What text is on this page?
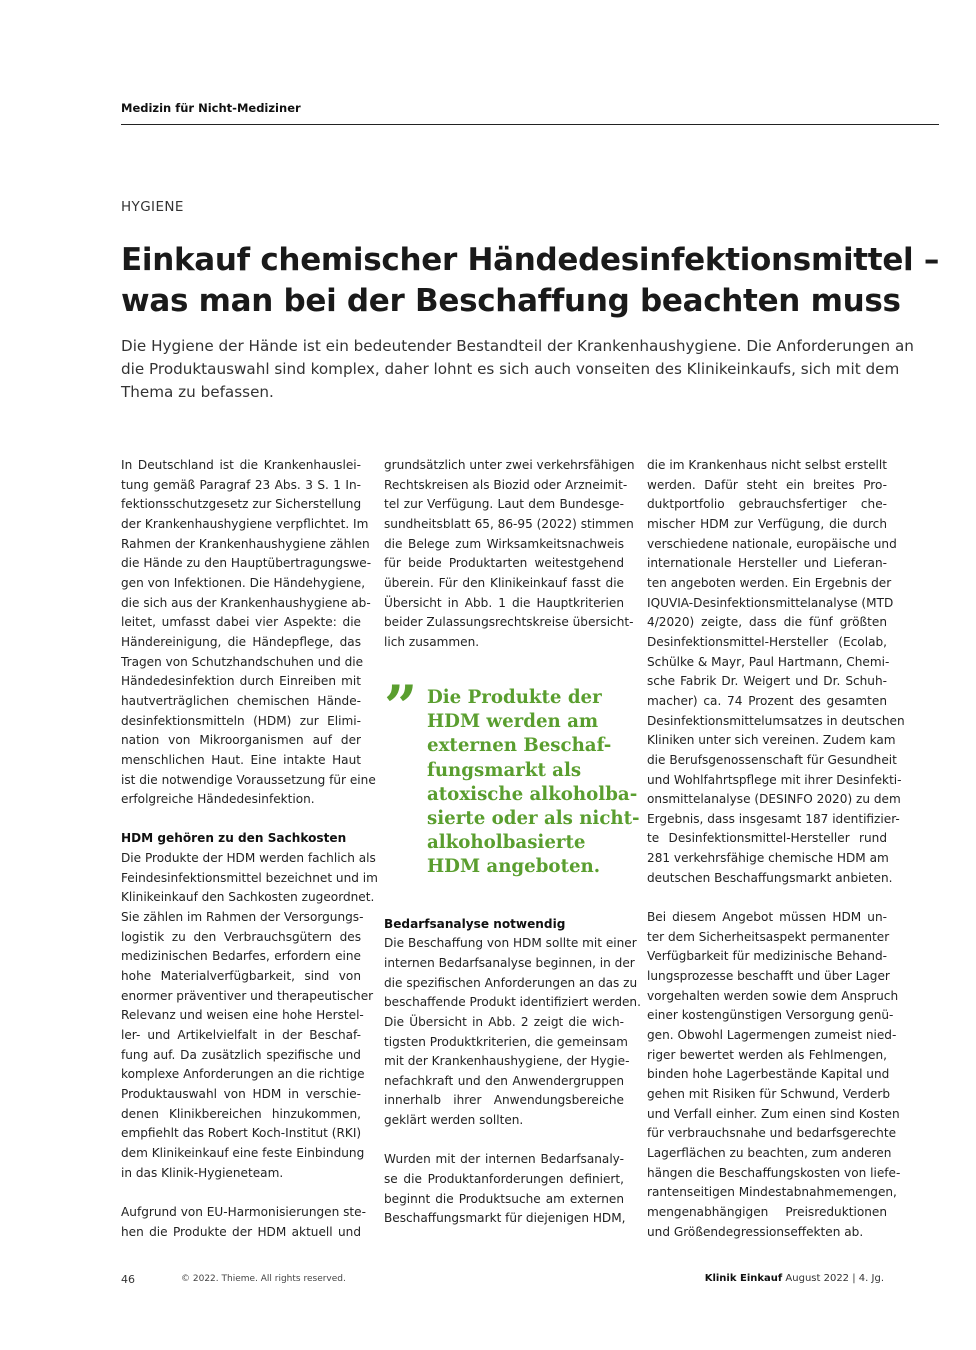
Medizin für Nicht-Mediziner
HYGIENE
Einkauf chemischer Händedesinfektionsmittel –
was man bei der Beschaffung beachten muss

Die Hygiene der Hände ist ein bedeutender Bestandteil der Krankenhaushygiene. Die Anforderungen an
die Produktauswahl sind komplex, daher lohnt es sich auch vonseiten des Klinikeinkaufs, sich mit dem
Thema zu befassen.

In Deutschland ist die Krankenhauslei-
tung gemäß Paragraf 23 Abs. 3 S. 1 In-
fektionsschutzgesetz zur Sicherstellung
der Krankenhaushygiene verpflichtet. Im
Rahmen der Krankenhaushygiene zählen
die Hände zu den Hauptübertragungswe-
gen von Infektionen. Die Händehygiene,
die sich aus der Krankenhaushygiene ab-
leitet, umfasst dabei vier Aspekte: die
Händereinigung, die Händepflege, das
Tragen von Schutzhandschuhen und die
Händedesinfektion durch Einreiben mit
hautverträglichen chemischen Hände-
desinfektionsmitteln (HDM) zur Elimi-
nation von Mikroorganismen auf der
menschlichen Haut. Eine intakte Haut
ist die notwendige Voraussetzung für eine
erfolgreiche Händedesinfektion.
HDM gehören zu den Sachkosten
Die Produkte der HDM werden fachlich als
Feindesinfektionsmittel bezeichnet und im
Klinikeinkauf den Sachkosten zugeordnet.
Sie zählen im Rahmen der Versorgungs-
logistik zu den Verbrauchsgütern des
medizinischen Bedarfes, erfordern eine
hohe Materialverfügbarkeit, sind von
enormer präventiver und therapeutischer
Relevanz und weisen eine hohe Herstel-
ler- und Artikelvielfalt in der Beschaf-
fung auf. Da zusätzlich spezifische und
komplexe Anforderungen an die richtige
Produktauswahl von HDM in verschie-
denen Klinikbereichen hinzukommen,
empfiehlt das Robert Koch-Institut (RKI)
dem Klinikeinkauf eine feste Einbindung
in das Klinik-Hygieneteam.
Aufgrund von EU-Harmonisierungen ste-
hen die Produkte der HDM aktuell und
grundsätzlich unter zwei verkehrsfähigen
Rechtskreisen als Biozid oder Arzneimit-
tel zur Verfügung. Laut dem Bundesge-
sundheitsblatt 65, 86-95 (2022) stimmen
die Belege zum Wirksamkeitsnachweis
für beide Produktarten weitestgehend
überein. Für den Klinikeinkauf fasst die
Übersicht in Abb. 1 die Hauptkriterien
beider Zulassungsrechtskreise übersicht-
lich zusammen.
Bedarfsanalyse notwendig
Die Beschaffung von HDM sollte mit einer
internen Bedarfsanalyse beginnen, in der
die spezifischen Anforderungen an das zu
beschaffende Produkt identifiziert werden.
Die Übersicht in Abb. 2 zeigt die wich-
tigsten Produktkriterien, die gemeinsam
mit der Krankenhaushygiene, der Hygie-
nefachkraft und den Anwendergruppen
innerhalb ihrer Anwendungsbereiche
geklärt werden sollten.
Wurden mit der internen Bedarfsanaly-
se die Produktanforderungen definiert,
beginnt die Produktsuche am externen
Beschaffungsmarkt für diejenigen HDM,
” Die Produkte der
HDM werden am
externen Beschaf-
fungsmarkt als
atoxische alkoholba-
sierte oder als nicht-
alkoholbasierte
HDM angeboten.
die im Krankenhaus nicht selbst erstellt
werden. Dafür steht ein breites Pro-
duktportfolio gebrauchsfertiger che-
mischer HDM zur Verfügung, die durch
verschiedene nationale, europäische und
internationale Hersteller und Lieferan-
ten angeboten werden. Ein Ergebnis der
IQUVIA-Desinfektionsmittelanalyse (MTD
4/2020) zeigte, dass die fünf größten
Desinfektionsmittel-Hersteller (Ecolab,
Schülke & Mayr, Paul Hartmann, Chemi-
sche Fabrik Dr. Weigert und Dr. Schuh-
macher) ca. 74 Prozent des gesamten
Desinfektionsmittelumsatzes in deutschen
Kliniken unter sich vereinen. Zudem kam
die Berufsgenossenschaft für Gesundheit
und Wohlfahrtspflege mit ihrer Desinfekti-
onsmittelanalyse (DESINFO 2020) zu dem
Ergebnis, dass insgesamt 187 identifizier-
te Desinfektionsmittel-Hersteller rund
281 verkehrsfähige chemische HDM am
deutschen Beschaffungsmarkt anbieten.
Bei diesem Angebot müssen HDM un-
ter dem Sicherheitsaspekt permanenter
Verfügbarkeit für medizinische Behand-
lungsprozesse beschafft und über Lager
vorgehalten werden sowie dem Anspruch
einer kostengünstigen Versorgung genü-
gen. Obwohl Lagermengen zumeist nied-
riger bewertet werden als Fehlmengen,
binden hohe Lagerbestände Kapital und
gehen mit Risiken für Schwund, Verderb
und Verfall einher. Zum einen sind Kosten
für verbrauchsnahe und bedarfsgerechte
Lagerflächen zu beachten, zum anderen
hängen die Beschaffungskosten von liefe-
rantenseitigen Mindestabnahmemengen,
mengenabhängigen Preisreduktionen
und Größendegressionseffekten ab.
46	© 2022. Thieme. All rights reserved.	Klinik Einkauf August 2022 | 4. Jg.
